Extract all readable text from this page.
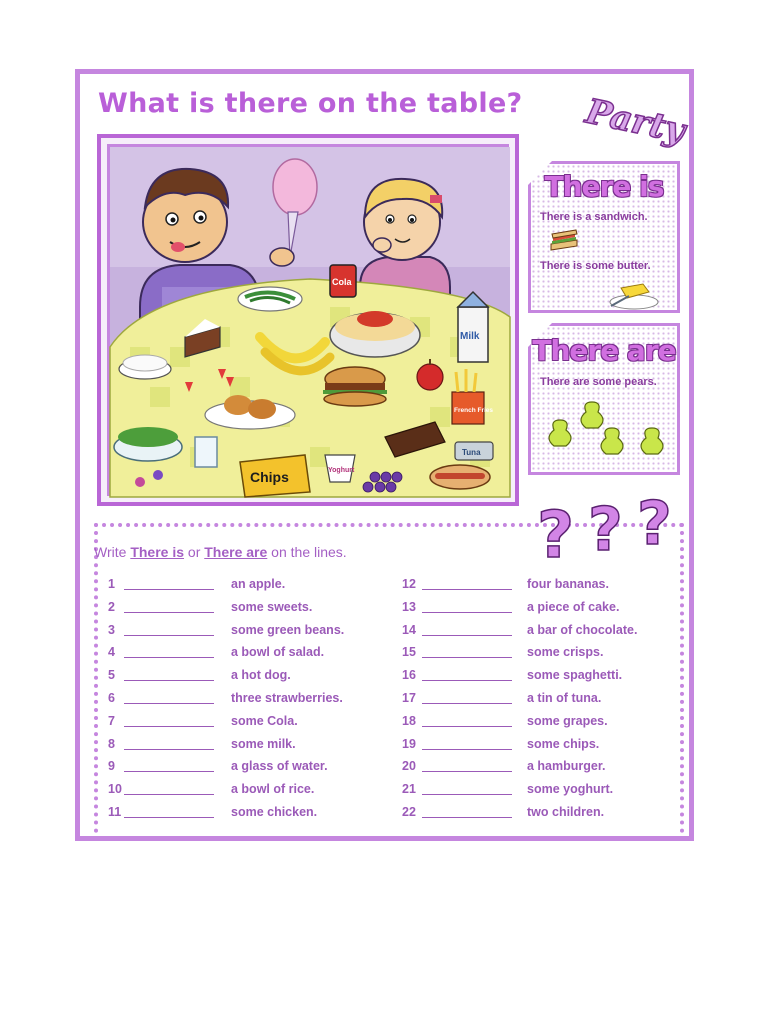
What is there on the table? Party
Cola
Milk
French Fries
Yoghurt
Tuna
Chips
There is
There is a sandwich.
There is some butter.
There are
There are some pears.
Write There is or There are on the lines.	? ? ?
1	an apple.
2	some sweets.
3	some green beans.
4	a bowl of salad.
5	a hot dog.
6	three strawberries.
7	some Cola.
8	some milk.
9	a glass of water.
10	a bowl of rice.
11	some chicken.
12	four bananas.
13	a piece of cake.
14	a bar of chocolate.
15	some crisps.
16	some spaghetti.
17	a tin of tuna.
18	some grapes.
19	some chips.
20	a hamburger.
21	some yoghurt.
22	two children.
